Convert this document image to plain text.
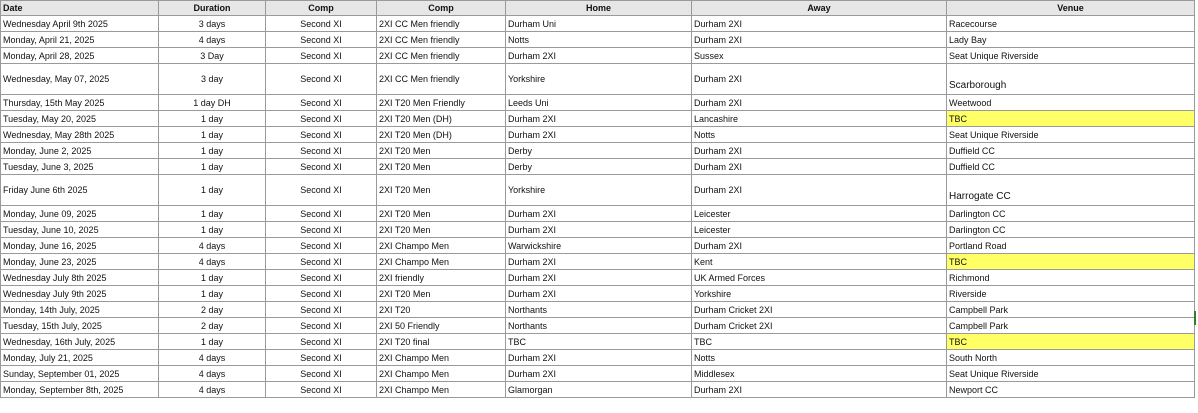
Date	Duration	Comp	Comp	Home	Away	Venue
Wednesday April 9th 2025	3 days	Second XI	2XI CC Men friendly	Durham Uni	Durham 2XI	Racecourse
Monday, April 21, 2025	4 days	Second XI	2XI CC Men friendly	Notts	Durham 2XI	Lady Bay
Monday, April 28, 2025	3 Day	Second XI	2XI CC Men friendly	Durham 2XI	Sussex	Seat Unique Riverside
Wednesday, May 07, 2025	3 day	Second XI	2XI CC Men friendly	Yorkshire	Durham 2XI	Scarborough
Thursday, 15th May 2025	1 day DH	Second XI	2XI T20 Men Friendly	Leeds Uni	Durham 2XI	Weetwood
Tuesday, May 20, 2025	1 day	Second XI	2XI T20 Men (DH)	Durham 2XI	Lancashire	TBC
Wednesday, May 28th 2025	1 day	Second XI	2XI T20 Men (DH)	Durham 2XI	Notts	Seat Unique Riverside
Monday, June 2, 2025	1 day	Second XI	2XI T20 Men	Derby	Durham 2XI	Duffield CC
Tuesday, June 3, 2025	1 day	Second XI	2XI T20 Men	Derby	Durham 2XI	Duffield CC
Friday June 6th 2025	1 day	Second XI	2XI T20 Men	Yorkshire	Durham 2XI	Harrogate CC
Monday, June 09, 2025	1 day	Second XI	2XI T20 Men	Durham 2XI	Leicester	Darlington CC
Tuesday, June 10, 2025	1 day	Second XI	2XI T20 Men	Durham 2XI	Leicester	Darlington CC
Monday, June 16, 2025	4 days	Second XI	2XI Champo Men	Warwickshire	Durham 2XI	Portland Road
Monday, June 23, 2025	4 days	Second XI	2XI Champo Men	Durham 2XI	Kent	TBC
Wednesday July 8th 2025	1 day	Second XI	2XI friendly	Durham 2XI	UK Armed Forces	Richmond
Wednesday July 9th 2025	1 day	Second XI	2XI T20 Men	Durham 2XI	Yorkshire	Riverside
Monday, 14th July, 2025	2 day	Second XI	2XI T20	Northants	Durham Cricket 2XI	Campbell Park
Tuesday, 15th July, 2025	2 day	Second XI	2XI 50 Friendly	Northants	Durham Cricket 2XI	Campbell Park
Wednesday, 16th July, 2025	1 day	Second XI	2XI T20 final	TBC	TBC	TBC
Monday, July 21, 2025	4 days	Second XI	2XI Champo Men	Durham 2XI	Notts	South North
Sunday, September 01, 2025	4 days	Second XI	2XI Champo Men	Durham 2XI	Middlesex	Seat Unique Riverside
Monday, September 8th, 2025	4 days	Second XI	2XI Champo Men	Glamorgan	Durham 2XI	Newport CC
